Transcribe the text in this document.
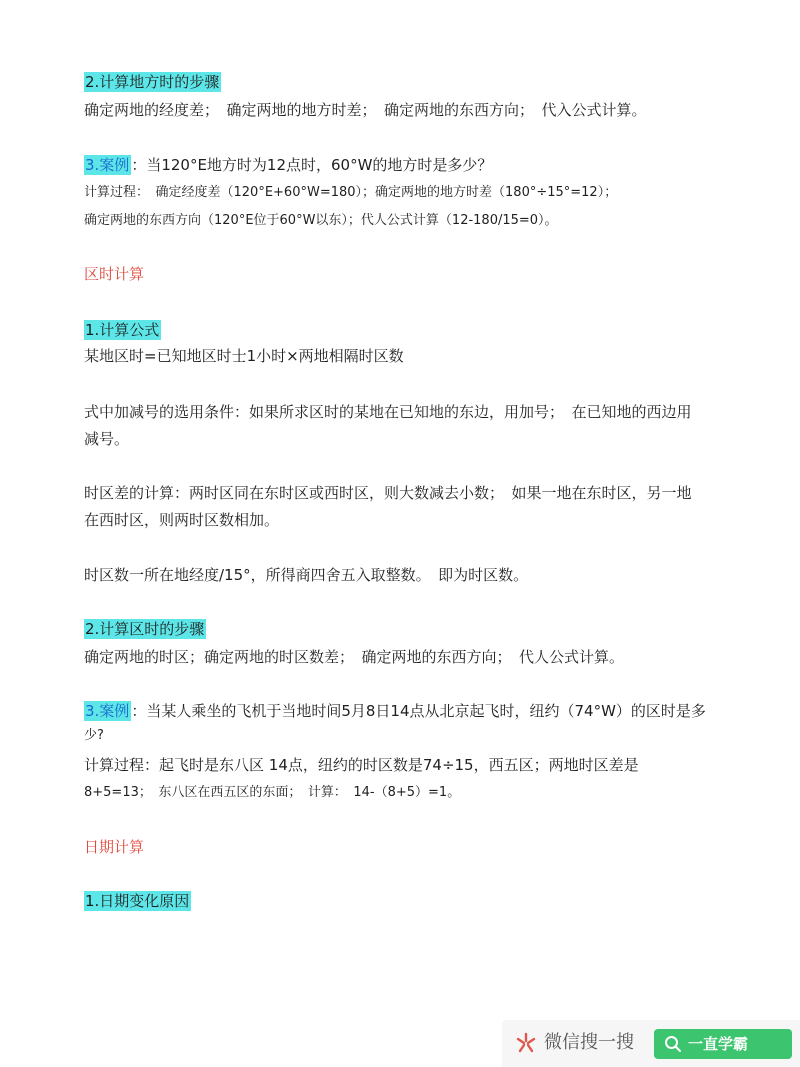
2.计算地方时的步骤
确定两地的经度差；　确定两地的地方时差；　确定两地的东西方向；　代入公式计算。
3.案例 ：当120°E地方时为12点时，60°W的地方时是多少？
计算过程：　确定经度差（120°E+60°W=180）；确定两地的地方时差（180°÷15°=12）；
确定两地的东西方向（120°E位于60°W以东）；代人公式计算（12-180/15=0）。
区时计算
1.计算公式
某地区时=已知地区时士1小时×两地相隔时区数
式中加减号的选用条件：如果所求区时的某地在已知地的东边，用加号；　在已知地的西边用
减号。
时区差的计算：两时区同在东时区或西时区，则大数减去小数；　如果一地在东时区，另一地
在西时区，则两时区数相加。
时区数一所在地经度/15°，所得商四舍五入取整数。　即为时区数。
2.计算区时的步骤
确定两地的时区；确定两地的时区数差；　确定两地的东西方向；　代人公式计算。
3.案例 ：当某人乘坐的飞机于当地时间5月8日14点从北京起飞时，纽约（74°W）的区时是多
少?
计算过程：起飞时是东八区 14点，纽约的时区数是74÷15，西五区；两地时区差是
8+5=13；　东八区在西五区的东面；　计算：　14-（8+5）=1。
日期计算
1.日期变化原因
微信搜一搜	一直学霸
